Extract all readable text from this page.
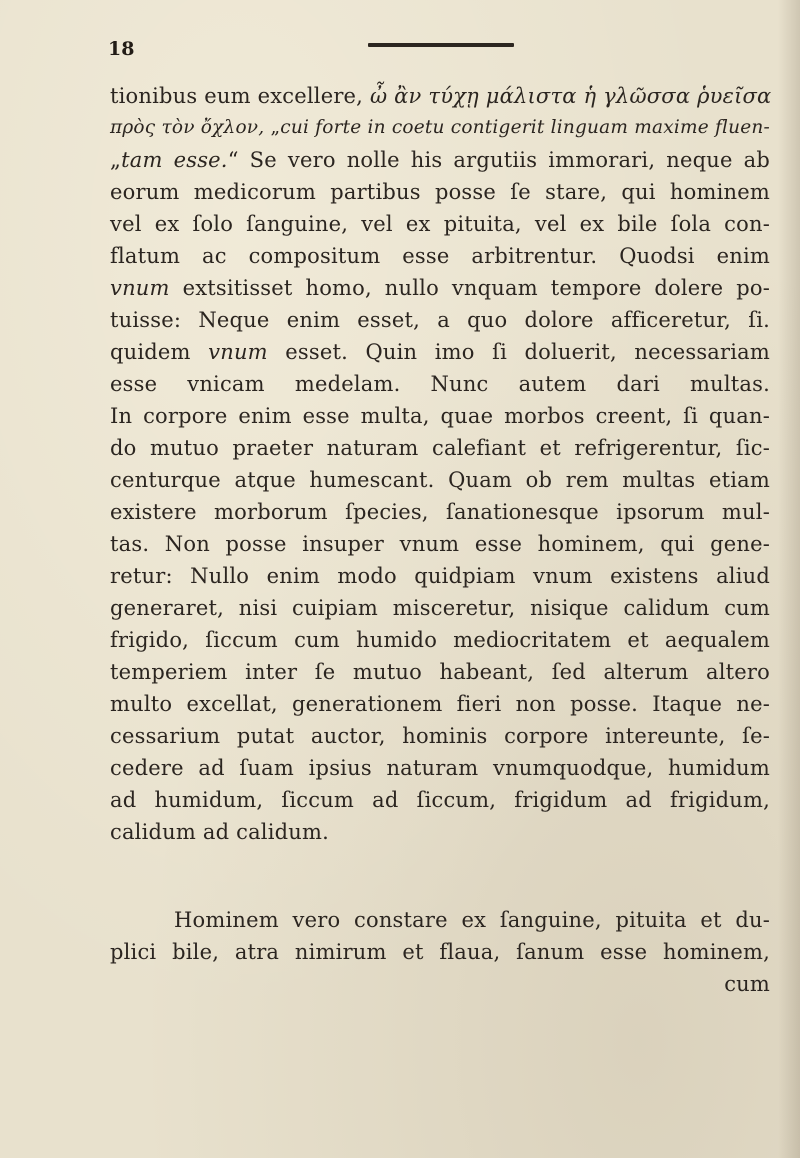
18
tionibus eum excellere, ὦ ἂν τύχῃ μάλιστα ἡ γλῶσσα ῥυεῖσα
πρὸς τὸν ὄχλον, „cui forte in coetu contigerit linguam maxime fluen-
„tam esse.“ Se vero nolle his argutiis immorari, neque ab
eorum medicorum partibus posse ſe stare, qui hominem
vel ex ſolo ſanguine, vel ex pituita, vel ex bile ſola con-
flatum ac compositum esse arbitrentur. Quodsi enim
vnum extsitisset homo, nullo vnquam tempore dolere po-
tuisse: Neque enim esset, a quo dolore afficeretur, ſi.
quidem vnum esset. Quin imo ſi doluerit, necessariam
esse vnicam medelam. Nunc autem dari multas.
In corpore enim esse multa, quae morbos creent, ſi quan-
do mutuo praeter naturam calefiant et refrigerentur, ſic-
centurque atque humescant. Quam ob rem multas etiam
existere morborum ſpecies, ſanationesque ipsorum mul-
tas. Non posse insuper vnum esse hominem, qui gene-
retur: Nullo enim modo quidpiam vnum existens aliud
generaret, nisi cuipiam misceretur, nisique calidum cum
frigido, ſiccum cum humido mediocritatem et aequalem
temperiem inter ſe mutuo habeant, ſed alterum altero
multo excellat, generationem fieri non posse. Itaque ne-
cessarium putat auctor, hominis corpore intereunte, ſe-
cedere ad ſuam ipsius naturam vnumquodque, humidum
ad humidum, ſiccum ad ſiccum, frigidum ad frigidum,
calidum ad calidum.
Hominem vero constare ex ſanguine, pituita et du-
plici bile, atra nimirum et flaua, ſanum esse hominem,
cum
